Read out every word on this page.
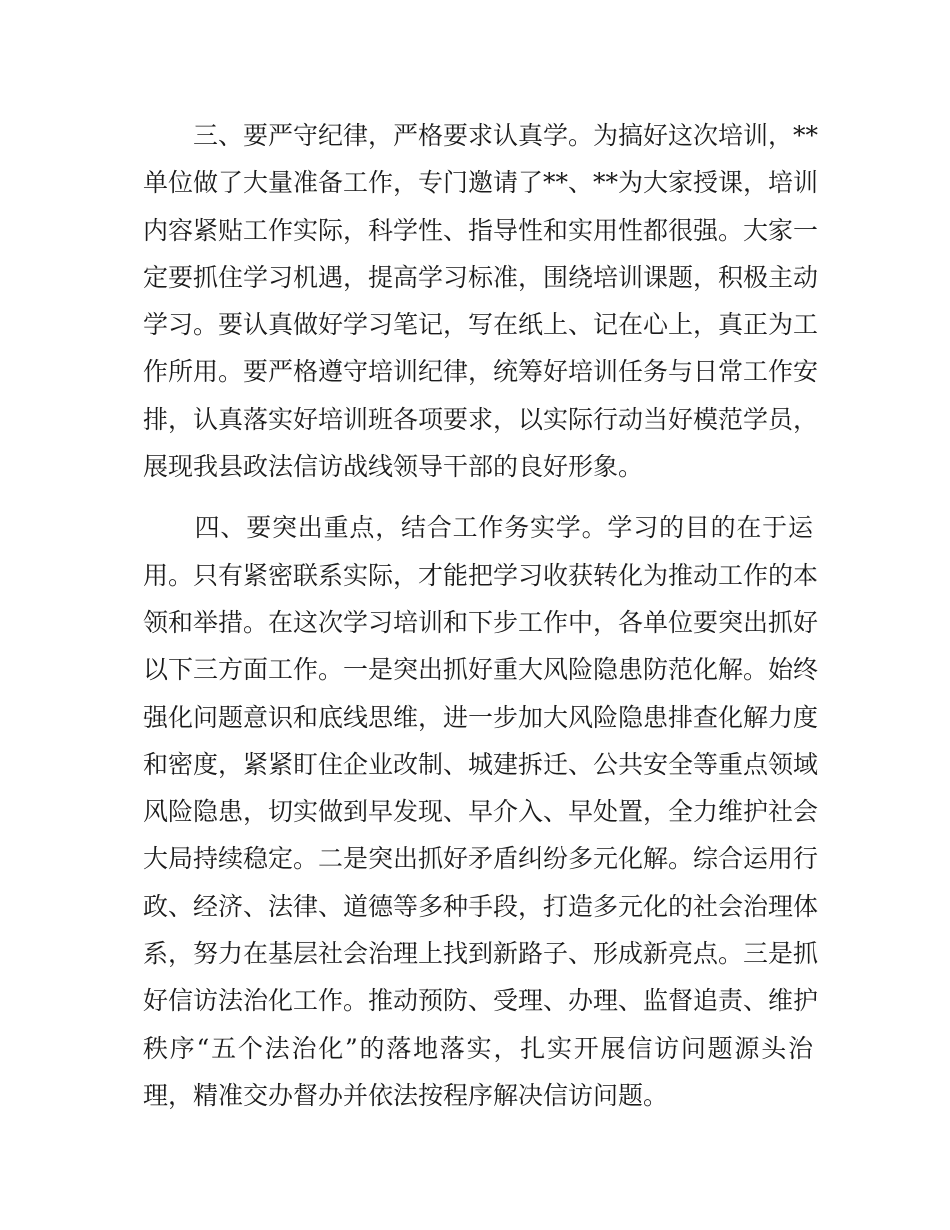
　　三、要严守纪律，严格要求认真学。为搞好这次培训，**
单位做了大量准备工作，专门邀请了**、**为大家授课，培训
内容紧贴工作实际，科学性、指导性和实用性都很强。大家一
定要抓住学习机遇，提高学习标准，围绕培训课题，积极主动
学习。要认真做好学习笔记，写在纸上、记在心上，真正为工
作所用。要严格遵守培训纪律，统筹好培训任务与日常工作安
排，认真落实好培训班各项要求，以实际行动当好模范学员，
展现我县政法信访战线领导干部的良好形象。
　　四、要突出重点，结合工作务实学。学习的目的在于运
用。只有紧密联系实际，才能把学习收获转化为推动工作的本
领和举措。在这次学习培训和下步工作中，各单位要突出抓好
以下三方面工作。一是突出抓好重大风险隐患防范化解。始终
强化问题意识和底线思维，进一步加大风险隐患排查化解力度
和密度，紧紧盯住企业改制、城建拆迁、公共安全等重点领域
风险隐患，切实做到早发现、早介入、早处置，全力维护社会
大局持续稳定。二是突出抓好矛盾纠纷多元化解。综合运用行
政、经济、法律、道德等多种手段，打造多元化的社会治理体
系，努力在基层社会治理上找到新路子、形成新亮点。三是抓
好信访法治化工作。推动预防、受理、办理、监督追责、维护
秩序“五个法治化”的落地落实，扎实开展信访问题源头治
理，精准交办督办并依法按程序解决信访问题。
